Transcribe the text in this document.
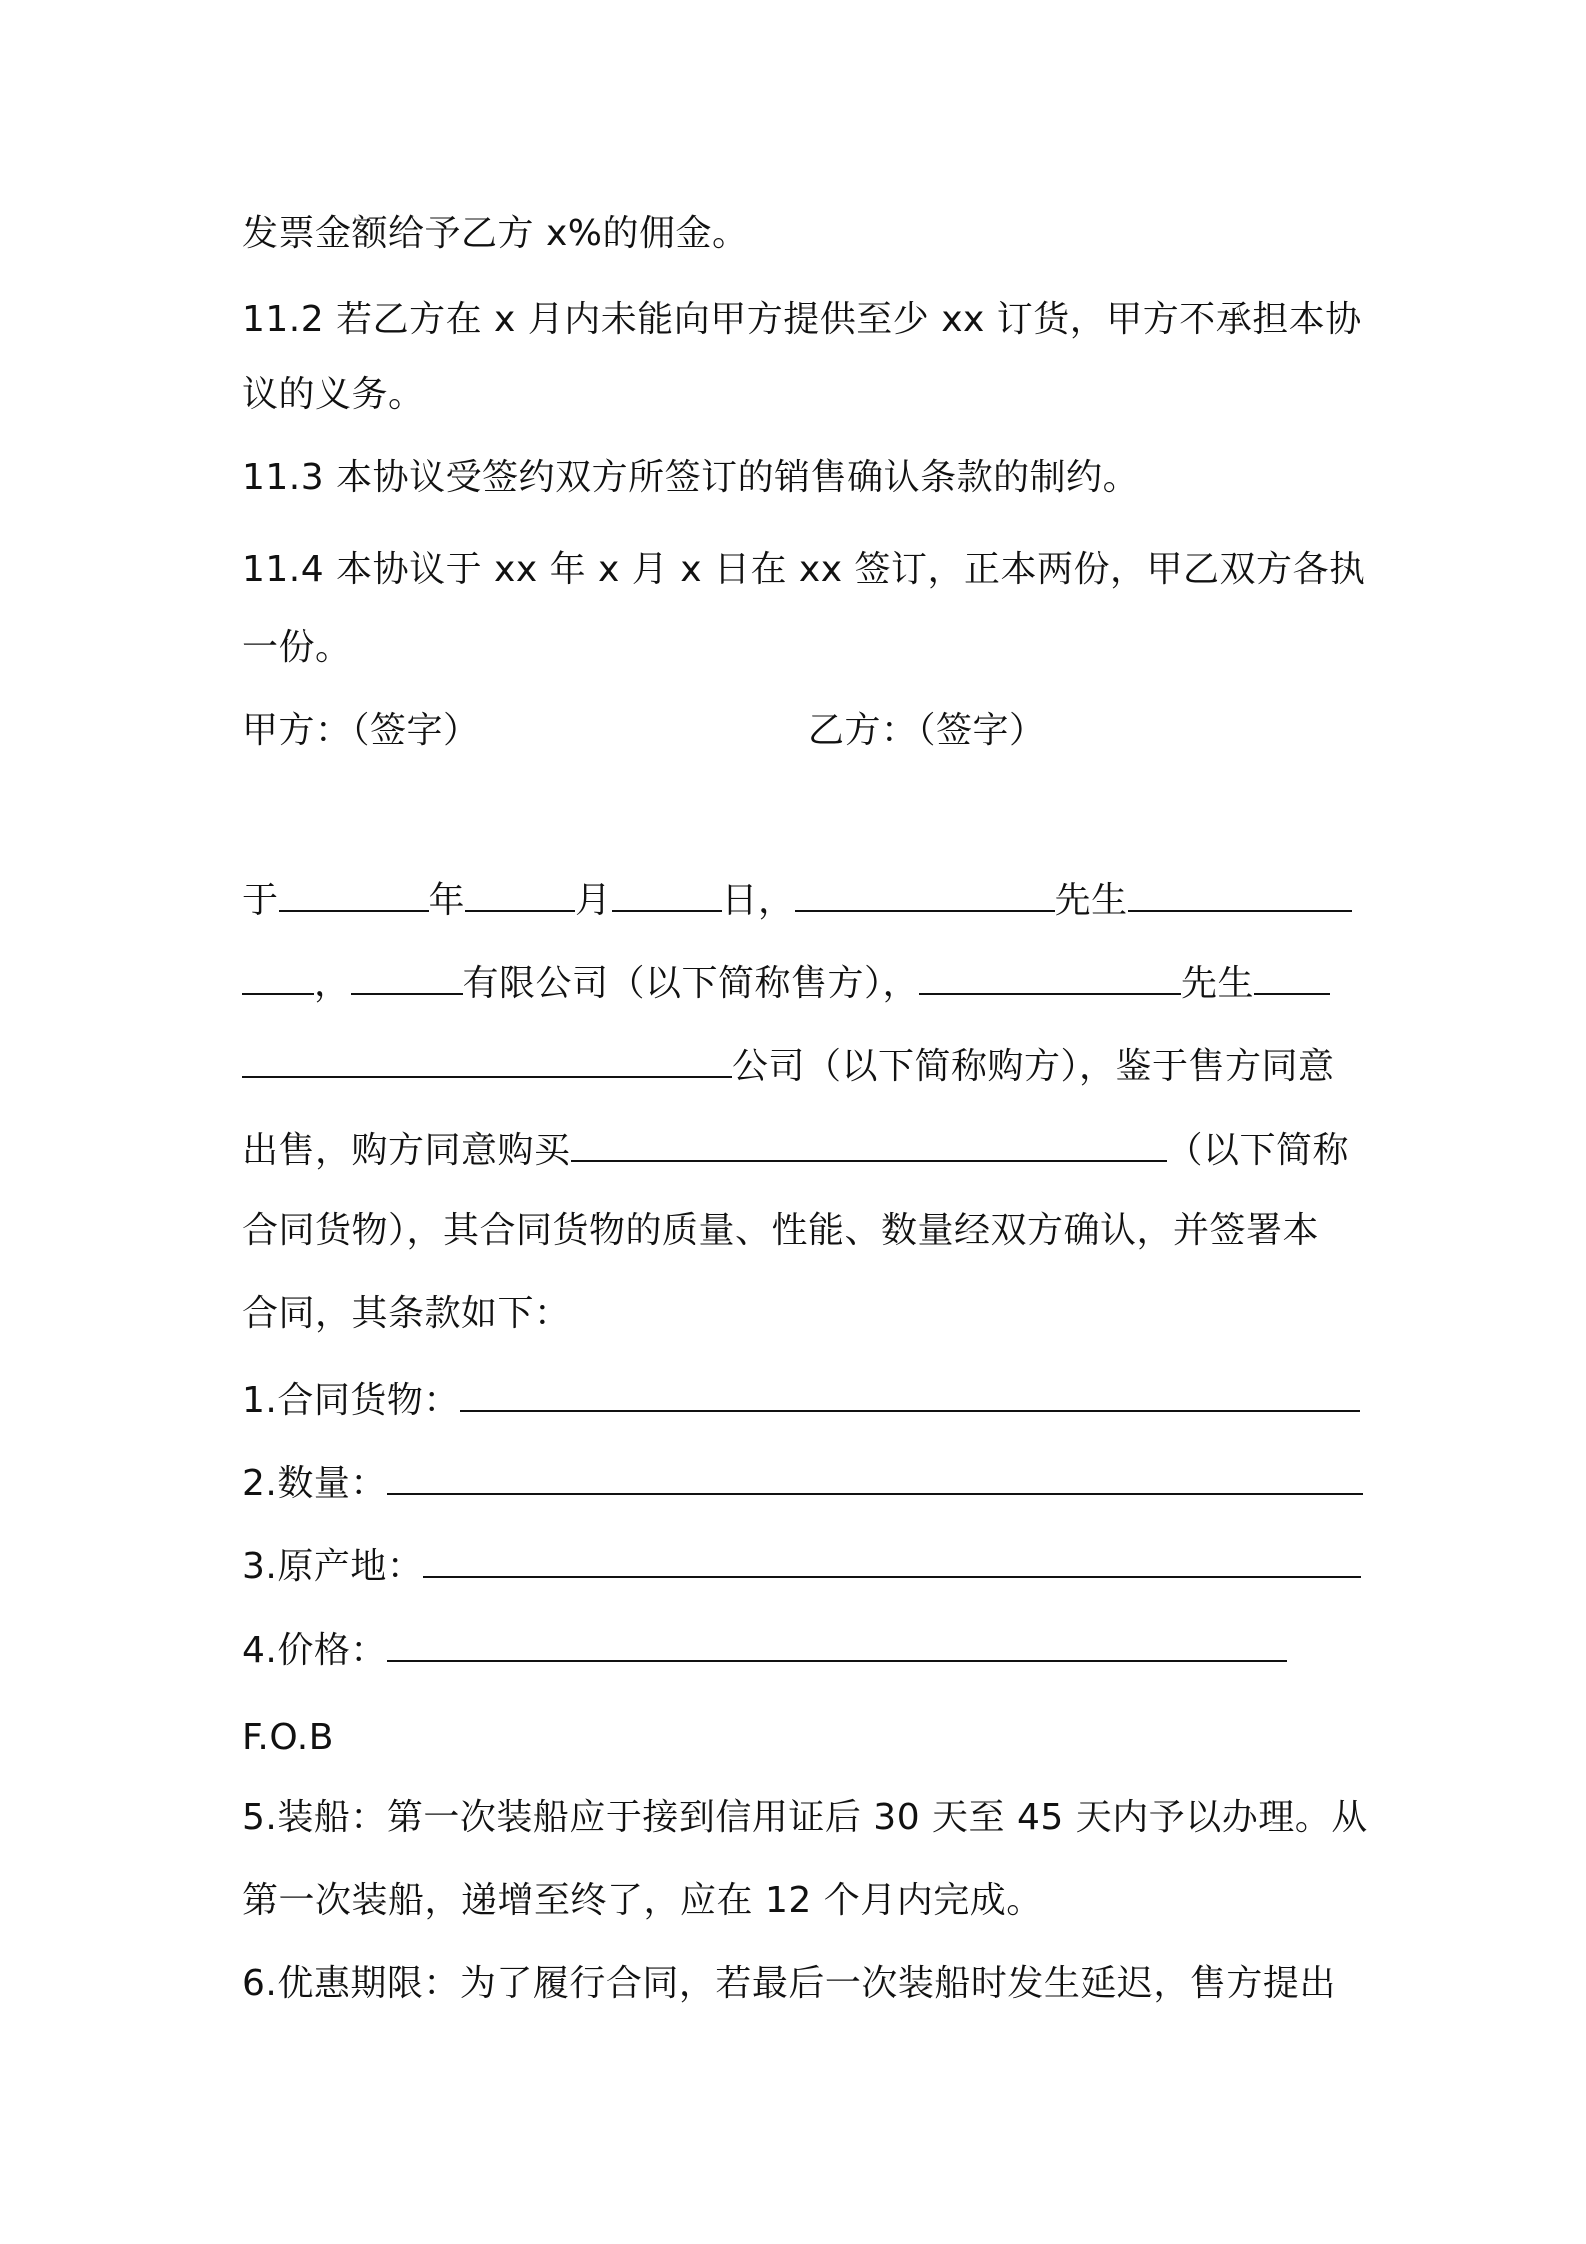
发票金额给予乙方 x%的佣金。
11.2 若乙方在 x 月内未能向甲方提供至少 xx 订货，甲方不承担本协
议的义务。
11.3 本协议受签约双方所签订的销售确认条款的制约。
11.4 本协议于 xx 年 x 月 x 日在 xx 签订，正本两份，甲乙双方各执
一份。
甲方：（签字）	乙方：（签字）
于	年	月	日，	先生
，	有限公司（以下简称售方），	先生
公司（以下简称购方），鉴于售方同意
出售，购方同意购买	（以下简称
合同货物），其合同货物的质量、性能、数量经双方确认，并签署本
合同，其条款如下：
1.合同货物：
2.数量：
3.原产地：
4.价格：
F.O.B
5.装船：第一次装船应于接到信用证后 30 天至 45 天内予以办理。从
第一次装船，递增至终了，应在 12 个月内完成。
6.优惠期限：为了履行合同，若最后一次装船时发生延迟，售方提出
